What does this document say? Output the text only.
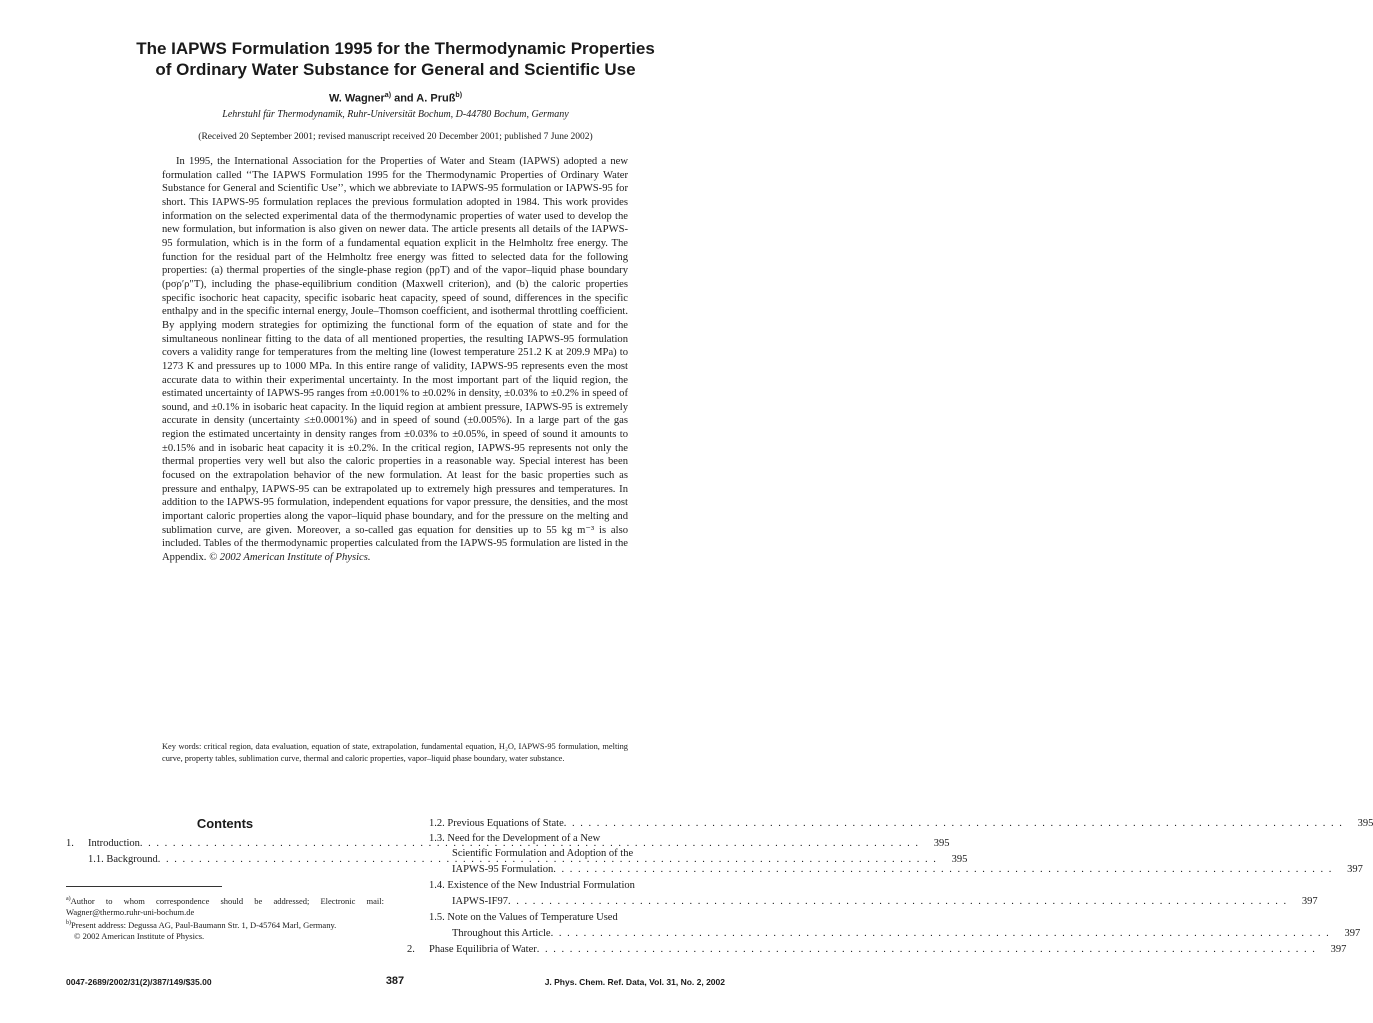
The IAPWS Formulation 1995 for the Thermodynamic Properties
of Ordinary Water Substance for General and Scientific Use
W. Wagner$^{a)}$ and A. Pruß$^{b)}$
Lehrstuhl für Thermodynamik, Ruhr-Universität Bochum, D-44780 Bochum, Germany
(Received 20 September 2001; revised manuscript received 20 December 2001; published 7 June 2002)
In 1995, the International Association for the Properties of Water and Steam (IAPWS) adopted a new formulation called ‘‘The IAPWS Formulation 1995 for the Thermodynamic Properties of Ordinary Water Substance for General and Scientific Use’’, which we abbreviate to IAPWS-95 formulation or IAPWS-95 for short. This IAPWS-95 formulation replaces the previous formulation adopted in 1984. This work provides information on the selected experimental data of the thermodynamic properties of water used to develop the new formulation, but information is also given on newer data. The article presents all details of the IAPWS-95 formulation, which is in the form of a fundamental equation explicit in the Helmholtz free energy. The function for the residual part of the Helmholtz free energy was fitted to selected data for the following properties: (a) thermal properties of the single-phase region (pρT) and of the vapor–liquid phase boundary (pσρ′ρ″T), including the phase-equilibrium condition (Maxwell criterion), and (b) the caloric properties specific isochoric heat capacity, specific isobaric heat capacity, speed of sound, differences in the specific enthalpy and in the specific internal energy, Joule–Thomson coefficient, and isothermal throttling coefficient. By applying modern strategies for optimizing the functional form of the equation of state and for the simultaneous nonlinear fitting to the data of all mentioned properties, the resulting IAPWS-95 formulation covers a validity range for temperatures from the melting line (lowest temperature 251.2 K at 209.9 MPa) to 1273 K and pressures up to 1000 MPa. In this entire range of validity, IAPWS-95 represents even the most accurate data to within their experimental uncertainty. In the most important part of the liquid region, the estimated uncertainty of IAPWS-95 ranges from ±0.001% to ±0.02% in density, ±0.03% to ±0.2% in speed of sound, and ±0.1% in isobaric heat capacity. In the liquid region at ambient pressure, IAPWS-95 is extremely accurate in density (uncertainty ≤±0.0001%) and in speed of sound (±0.005%). In a large part of the gas region the estimated uncertainty in density ranges from ±0.03% to ±0.05%, in speed of sound it amounts to ±0.15% and in isobaric heat capacity it is ±0.2%. In the critical region, IAPWS-95 represents not only the thermal properties very well but also the caloric properties in a reasonable way. Special interest has been focused on the extrapolation behavior of the new formulation. At least for the basic properties such as pressure and enthalpy, IAPWS-95 can be extrapolated up to extremely high pressures and temperatures. In addition to the IAPWS-95 formulation, independent equations for vapor pressure, the densities, and the most important caloric properties along the vapor–liquid phase boundary, and for the pressure on the melting and sublimation curve, are given. Moreover, a so-called gas equation for densities up to 55 kg m⁻³ is also included. Tables of the thermodynamic properties calculated from the IAPWS-95 formulation are listed in the Appendix. © 2002 American Institute of Physics.
Key words: critical region, data evaluation, equation of state, extrapolation, fundamental equation, H₂O, IAPWS-95 formulation, melting curve, property tables, sublimation curve, thermal and caloric properties, vapor–liquid phase boundary, water substance.
Contents
1.	Introduction . . .	395
1.1. Background . . .	395
1.2. Previous Equations of State . . .	395
1.3. Need for the Development of a New
Scientific Formulation and Adoption of the
IAPWS-95 Formulation . . .	397
1.4. Existence of the New Industrial Formulation
IAPWS-IF97 . . .	397
1.5. Note on the Values of Temperature Used
Throughout this Article . . .	397
2.	Phase Equilibria of Water . . .	397

$^{a)}$Author to whom correspondence should be addressed; Electronic mail: Wagner@thermo.ruhr-uni-bochum.de

$^{b)}$Present address: Degussa AG, Paul-Baumann Str. 1, D-45764 Marl, Germany.

© 2002 American Institute of Physics.

0047-2689/2002/31(2)/387/149/$35.00	387	J. Phys. Chem. Ref. Data, Vol. 31, No. 2, 2002
